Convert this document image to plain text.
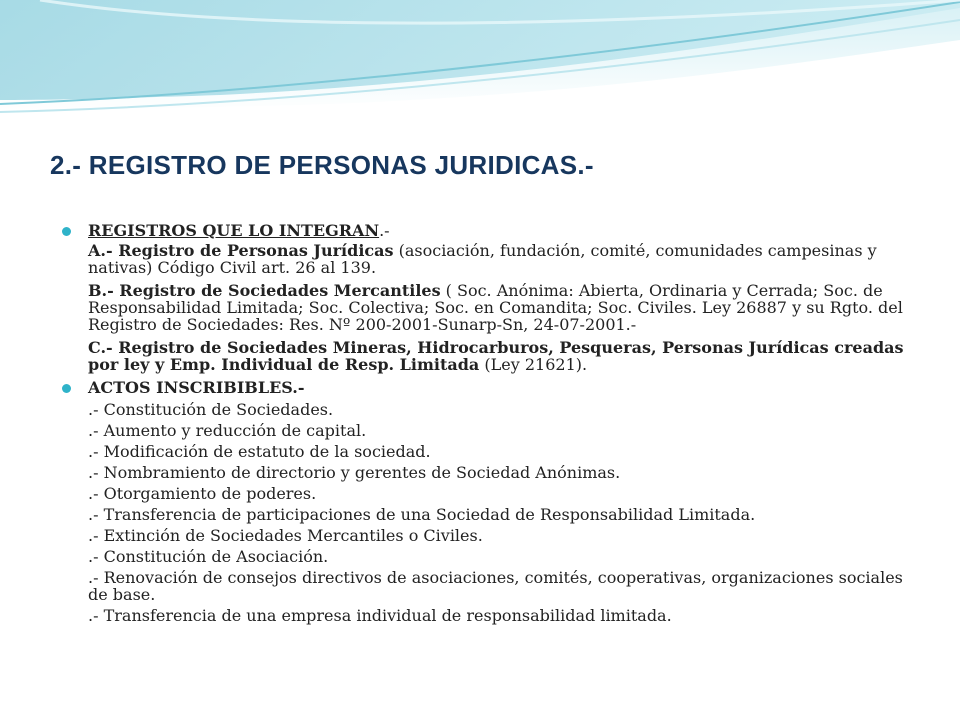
2.- REGISTRO DE PERSONAS JURIDICAS.-
REGISTROS QUE LO INTEGRAN.-
A.- Registro de Personas Jurídicas (asociación, fundación, comité, comunidades campesinas y nativas) Código Civil art. 26 al 139.
B.- Registro de Sociedades Mercantiles ( Soc. Anónima: Abierta, Ordinaria y Cerrada; Soc. de Responsabilidad Limitada; Soc. Colectiva; Soc. en Comandita; Soc. Civiles. Ley 26887 y su Rgto. del Registro de Sociedades: Res. Nº 200-2001-Sunarp-Sn, 24-07-2001.-
C.- Registro de Sociedades Mineras, Hidrocarburos, Pesqueras, Personas Jurídicas creadas por ley y Emp. Individual de Resp. Limitada (Ley 21621).
ACTOS INSCRIBIBLES.-
.- Constitución de Sociedades.
.- Aumento y reducción de capital.
.- Modificación de estatuto de la sociedad.
.- Nombramiento de directorio y gerentes de Sociedad Anónimas.
.- Otorgamiento de poderes.
.- Transferencia de participaciones de una Sociedad de Responsabilidad Limitada.
.- Extinción de Sociedades Mercantiles o Civiles.
.- Constitución de Asociación.
.- Renovación de consejos directivos de asociaciones, comités, cooperativas, organizaciones sociales de base.
.- Transferencia de una empresa individual de responsabilidad limitada.
